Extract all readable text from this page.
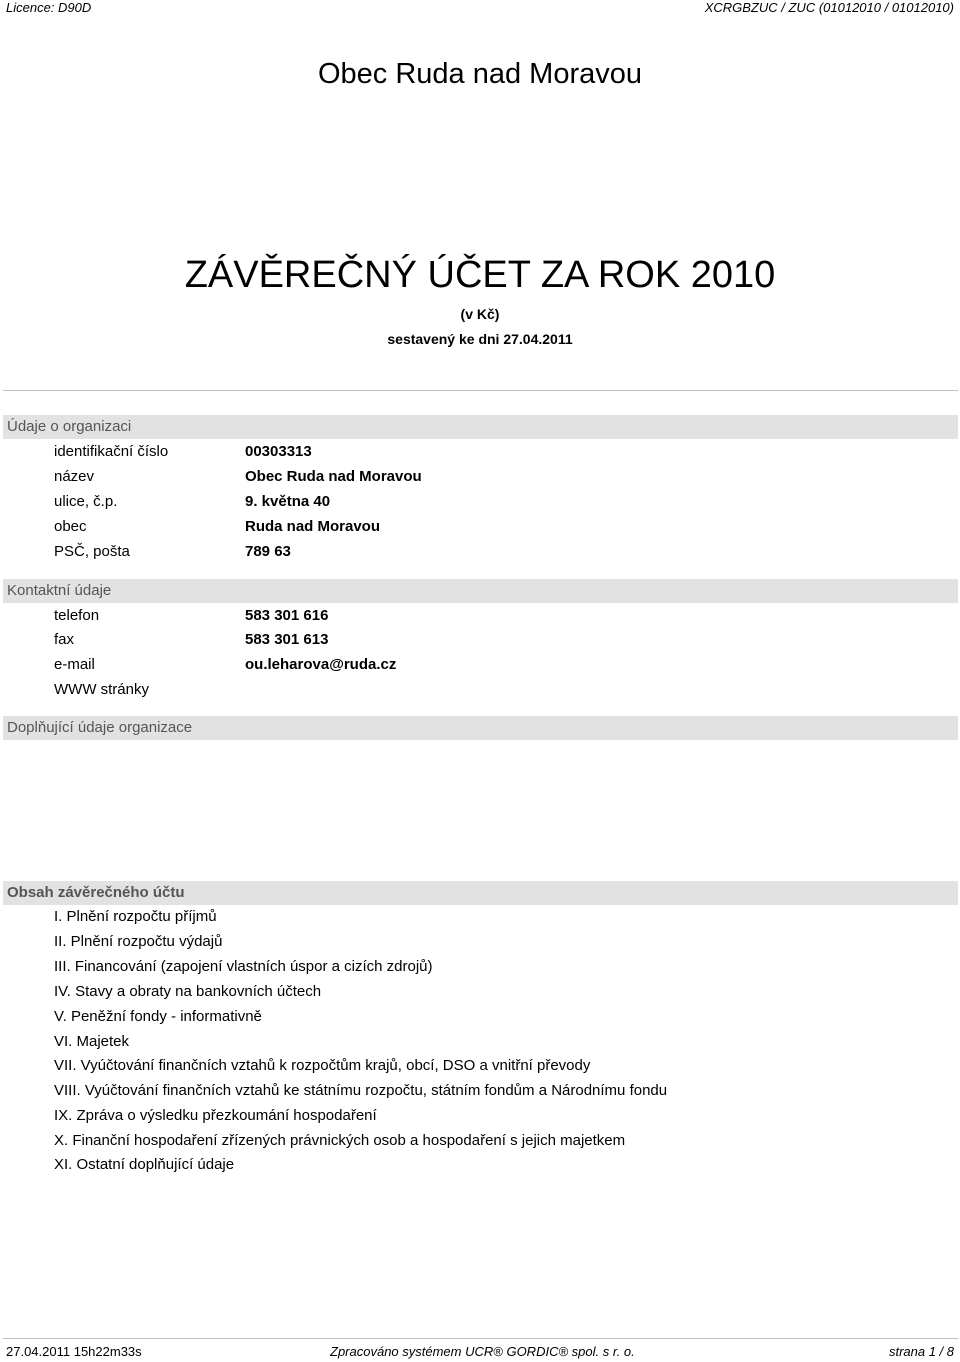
Licence: D90D	XCRGBZUC / ZUC (01012010 / 01012010)
Obec Ruda nad Moravou
ZÁVĚREČNÝ ÚČET ZA ROK 2010
(v Kč)
sestavený ke dni 27.04.2011
Údaje o organizaci
identifikační číslo	00303313
název	Obec Ruda nad Moravou
ulice, č.p.	9. května 40
obec	Ruda nad Moravou
PSČ, pošta	789 63
Kontaktní údaje
telefon	583 301 616
fax	583 301 613
e-mail	ou.leharova@ruda.cz
WWW stránky
Doplňující údaje organizace
Obsah závěrečného účtu
I. Plnění rozpočtu příjmů
II. Plnění rozpočtu výdajů
III. Financování (zapojení vlastních úspor a cizích zdrojů)
IV. Stavy a obraty na bankovních účtech
V. Peněžní fondy - informativně
VI. Majetek
VII. Vyúčtování finančních vztahů k rozpočtům krajů, obcí, DSO a vnitřní převody
VIII. Vyúčtování finančních vztahů ke státnímu rozpočtu, státním fondům a Národnímu fondu
IX. Zpráva o výsledku přezkoumání hospodaření
X. Finanční hospodaření zřízených právnických osob a hospodaření s jejich majetkem
XI. Ostatní doplňující údaje
27.04.2011 15h22m33s	Zpracováno systémem UCR® GORDIC® spol. s r. o.	strana 1 / 8
